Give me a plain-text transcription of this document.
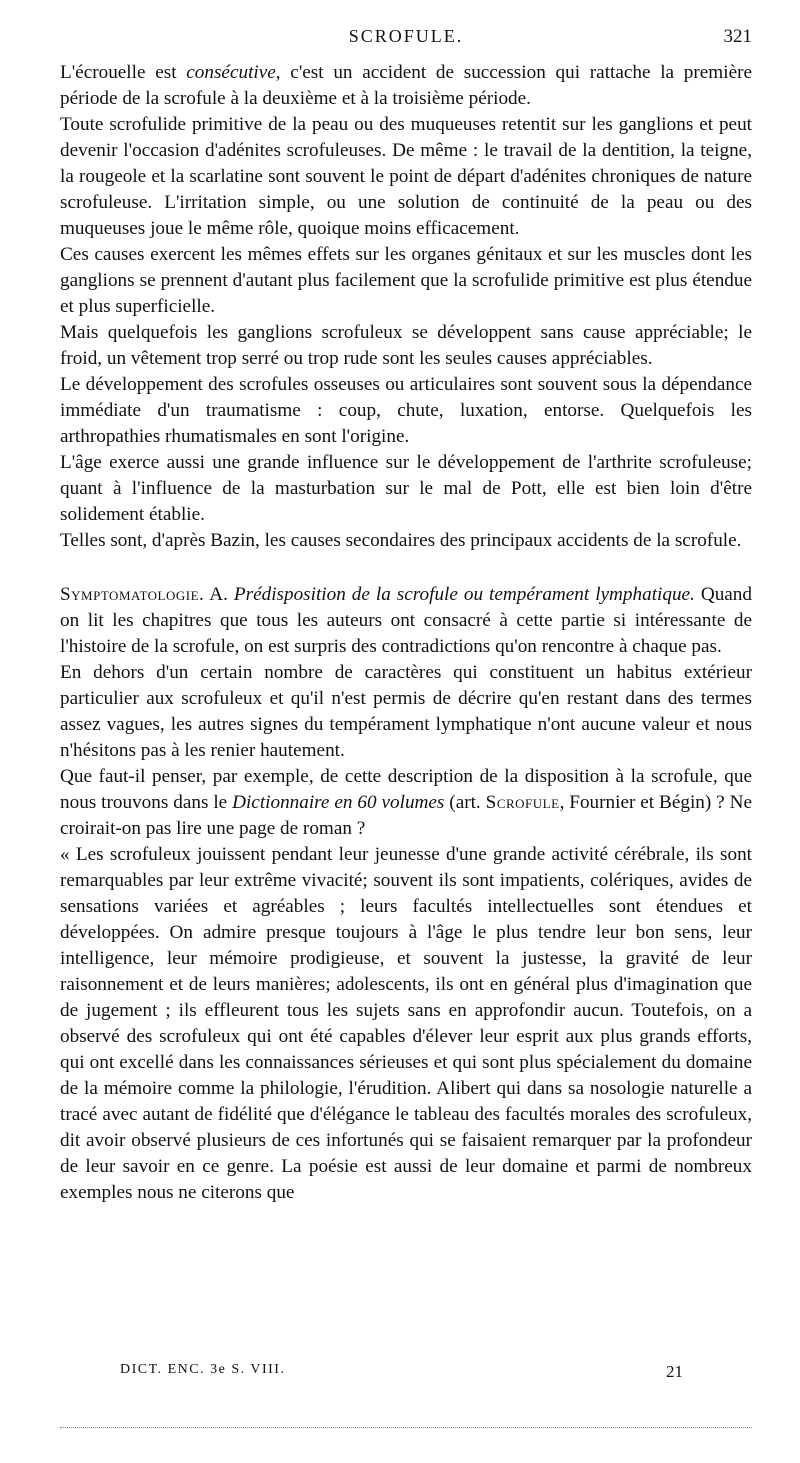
SCROFULE.	321

L'écrouelle est consécutive, c'est un accident de succession qui rattache la première période de la scrofule à la deuxième et à la troisième période.

Toute scrofulide primitive de la peau ou des muqueuses retentit sur les ganglions et peut devenir l'occasion d'adénites scrofuleuses. De même : le travail de la dentition, la teigne, la rougeole et la scarlatine sont souvent le point de départ d'adénites chroniques de nature scrofuleuse. L'irritation simple, ou une solution de continuité de la peau ou des muqueuses joue le même rôle, quoique moins efficacement.

Ces causes exercent les mêmes effets sur les organes génitaux et sur les muscles dont les ganglions se prennent d'autant plus facilement que la scrofulide primitive est plus étendue et plus superficielle.

Mais quelquefois les ganglions scrofuleux se développent sans cause appréciable; le froid, un vêtement trop serré ou trop rude sont les seules causes appréciables.

Le développement des scrofules osseuses ou articulaires sont souvent sous la dépendance immédiate d'un traumatisme : coup, chute, luxation, entorse. Quelquefois les arthropathies rhumatismales en sont l'origine.

L'âge exerce aussi une grande influence sur le développement de l'arthrite scrofuleuse; quant à l'influence de la masturbation sur le mal de Pott, elle est bien loin d'être solidement établie.

Telles sont, d'après Bazin, les causes secondaires des principaux accidents de la scrofule.

Symptomatologie. A. Prédisposition de la scrofule ou tempérament lymphatique. Quand on lit les chapitres que tous les auteurs ont consacré à cette partie si intéressante de l'histoire de la scrofule, on est surpris des contradictions qu'on rencontre à chaque pas.

En dehors d'un certain nombre de caractères qui constituent un habitus extérieur particulier aux scrofuleux et qu'il n'est permis de décrire qu'en restant dans des termes assez vagues, les autres signes du tempérament lymphatique n'ont aucune valeur et nous n'hésitons pas à les renier hautement.

Que faut-il penser, par exemple, de cette description de la disposition à la scrofule, que nous trouvons dans le Dictionnaire en 60 volumes (art. Scrofule, Fournier et Bégin) ? Ne croirait-on pas lire une page de roman ?

« Les scrofuleux jouissent pendant leur jeunesse d'une grande activité cérébrale, ils sont remarquables par leur extrême vivacité; souvent ils sont impatients, colériques, avides de sensations variées et agréables ; leurs facultés intellectuelles sont étendues et développées. On admire presque toujours à l'âge le plus tendre leur bon sens, leur intelligence, leur mémoire prodigieuse, et souvent la justesse, la gravité de leur raisonnement et de leurs manières; adolescents, ils ont en général plus d'imagination que de jugement ; ils effleurent tous les sujets sans en approfondir aucun. Toutefois, on a observé des scrofuleux qui ont été capables d'élever leur esprit aux plus grands efforts, qui ont excellé dans les connaissances sérieuses et qui sont plus spécialement du domaine de la mémoire comme la philologie, l'érudition. Alibert qui dans sa nosologie naturelle a tracé avec autant de fidélité que d'élégance le tableau des facultés morales des scrofuleux, dit avoir observé plusieurs de ces infortunés qui se faisaient remarquer par la profondeur de leur savoir en ce genre. La poésie est aussi de leur domaine et parmi de nombreux exemples nous ne citerons que

DICT. ENC. 3e S. VIII.	21
